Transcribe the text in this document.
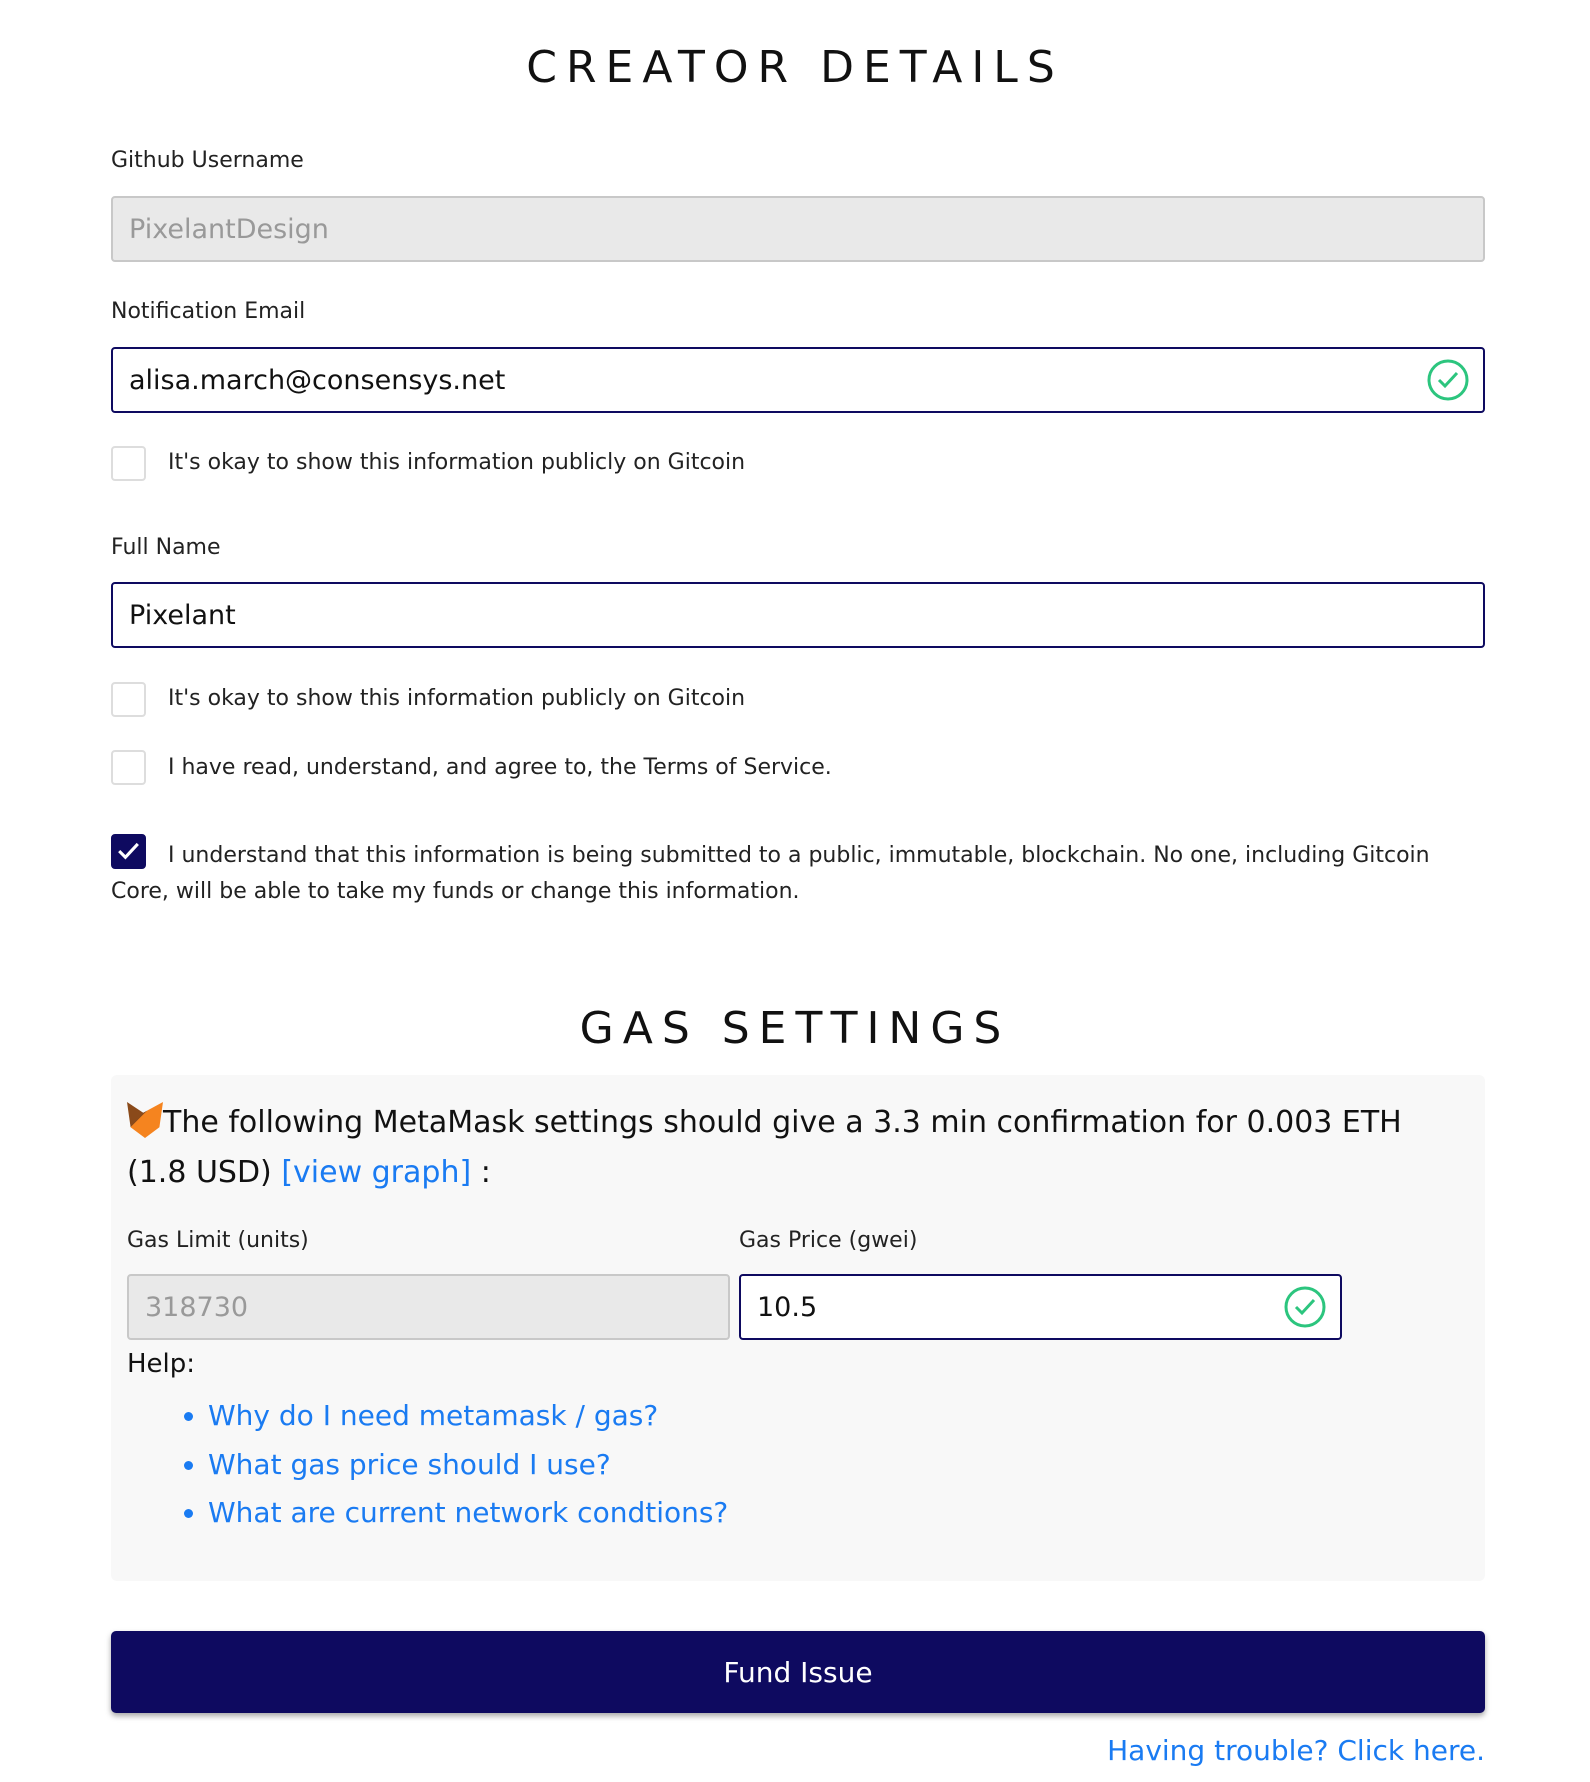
CREATOR DETAILS
Github Username
PixelantDesign
Notification Email
alisa.march@consensys.net
It's okay to show this information publicly on Gitcoin
Full Name
Pixelant
It's okay to show this information publicly on Gitcoin
I have read, understand, and agree to, the Terms of Service.
I understand that this information is being submitted to a public, immutable, blockchain. No one, including Gitcoin Core, will be able to take my funds or change this information.
GAS SETTINGS
The following MetaMask settings should give a 3.3 min confirmation for 0.003 ETH (1.8 USD) [view graph] :
Gas Limit (units)	Gas Price (gwei)
318730	10.5
Help:
• Why do I need metamask / gas?
• What gas price should I use?
• What are current network condtions?
Fund Issue
Having trouble? Click here.
